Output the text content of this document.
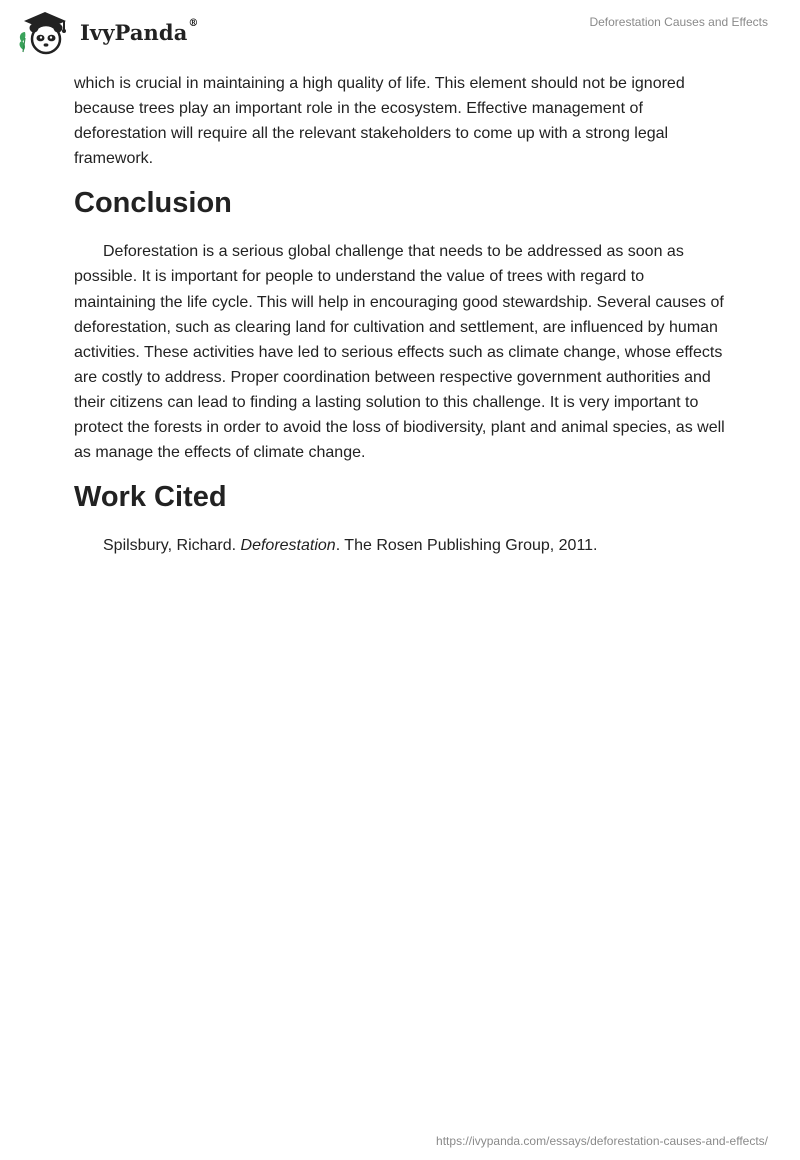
IvyPanda®	Deforestation Causes and Effects

which is crucial in maintaining a high quality of life. This element should not be ignored because trees play an important role in the ecosystem. Effective management of deforestation will require all the relevant stakeholders to come up with a strong legal framework.

Conclusion

Deforestation is a serious global challenge that needs to be addressed as soon as possible. It is important for people to understand the value of trees with regard to maintaining the life cycle. This will help in encouraging good stewardship. Several causes of deforestation, such as clearing land for cultivation and settlement, are influenced by human activities. These activities have led to serious effects such as climate change, whose effects are costly to address. Proper coordination between respective government authorities and their citizens can lead to finding a lasting solution to this challenge. It is very important to protect the forests in order to avoid the loss of biodiversity, plant and animal species, as well as manage the effects of climate change.

Work Cited

Spilsbury, Richard. Deforestation. The Rosen Publishing Group, 2011.

https://ivypanda.com/essays/deforestation-causes-and-effects/
